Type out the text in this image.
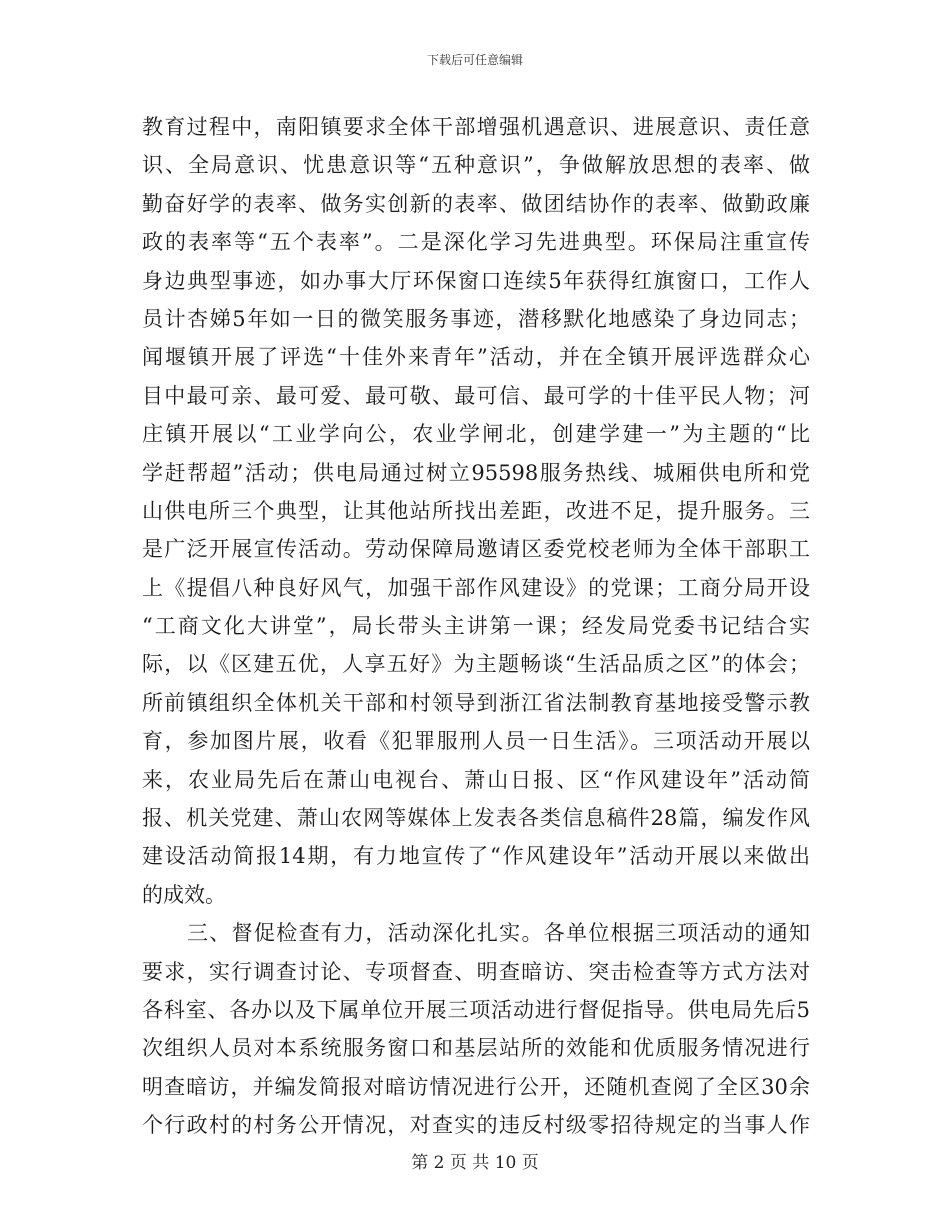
下载后可任意编辑
教育过程中，南阳镇要求全体干部增强机遇意识、进展意识、责任意
识、全局意识、忧患意识等“五种意识”，争做解放思想的表率、做
勤奋好学的表率、做务实创新的表率、做团结协作的表率、做勤政廉
政的表率等“五个表率”。二是深化学习先进典型。环保局注重宣传
身边典型事迹，如办事大厅环保窗口连续5年获得红旗窗口，工作人
员计杏娣5年如一日的微笑服务事迹，潜移默化地感染了身边同志；
闻堰镇开展了评选“十佳外来青年”活动，并在全镇开展评选群众心
目中最可亲、最可爱、最可敬、最可信、最可学的十佳平民人物；河
庄镇开展以“工业学向公，农业学闸北，创建学建一”为主题的“比
学赶帮超”活动；供电局通过树立95598服务热线、城厢供电所和党
山供电所三个典型，让其他站所找出差距，改进不足，提升服务。三
是广泛开展宣传活动。劳动保障局邀请区委党校老师为全体干部职工
上《提倡八种良好风气，加强干部作风建设》的党课；工商分局开设
“工商文化大讲堂”，局长带头主讲第一课；经发局党委书记结合实
际，以《区建五优，人享五好》为主题畅谈“生活品质之区”的体会；
所前镇组织全体机关干部和村领导到浙江省法制教育基地接受警示教
育，参加图片展，收看《犯罪服刑人员一日生活》。三项活动开展以
来，农业局先后在萧山电视台、萧山日报、区“作风建设年”活动简
报、机关党建、萧山农网等媒体上发表各类信息稿件28篇，编发作风
建设活动简报14期，有力地宣传了“作风建设年”活动开展以来做出
的成效。
三、督促检查有力，活动深化扎实。各单位根据三项活动的通知
要求，实行调查讨论、专项督查、明查暗访、突击检查等方式方法对
各科室、各办以及下属单位开展三项活动进行督促指导。供电局先后5
次组织人员对本系统服务窗口和基层站所的效能和优质服务情况进行
明查暗访，并编发简报对暗访情况进行公开，还随机查阅了全区30余
个行政村的村务公开情况，对查实的违反村级零招待规定的当事人作
第 2 页 共 10 页
